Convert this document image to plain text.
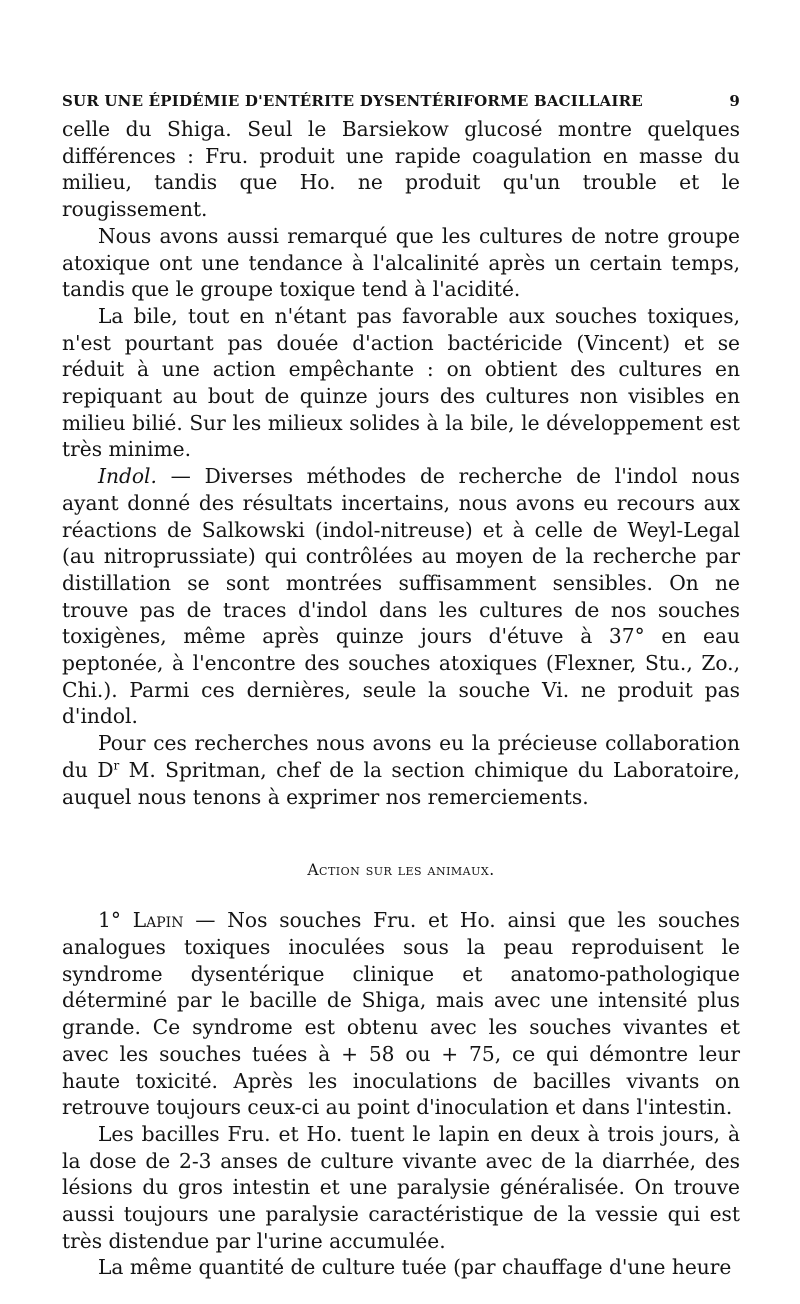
SUR UNE ÉPIDÉMIE D'ENTÉRITE DYSENTÉRIFORME BACILLAIRE	9

celle du Shiga. Seul le Barsiekow glucosé montre quelques différences : Fru. produit une rapide coagulation en masse du milieu, tandis que Ho. ne produit qu'un trouble et le rougissement.

Nous avons aussi remarqué que les cultures de notre groupe atoxique ont une tendance à l'alcalinité après un certain temps, tandis que le groupe toxique tend à l'acidité.

La bile, tout en n'étant pas favorable aux souches toxiques, n'est pourtant pas douée d'action bactéricide (Vincent) et se réduit à une action empêchante : on obtient des cultures en repiquant au bout de quinze jours des cultures non visibles en milieu bilié. Sur les milieux solides à la bile, le développement est très minime.

Indol. — Diverses méthodes de recherche de l'indol nous ayant donné des résultats incertains, nous avons eu recours aux réactions de Salkowski (indol-nitreuse) et à celle de Weyl-Legal (au nitroprussiate) qui contrôlées au moyen de la recherche par distillation se sont montrées suffisamment sensibles. On ne trouve pas de traces d'indol dans les cultures de nos souches toxigènes, même après quinze jours d'étuve à 37° en eau peptonée, à l'encontre des souches atoxiques (Flexner, Stu., Zo., Chi.). Parmi ces dernières, seule la souche Vi. ne produit pas d'indol.

Pour ces recherches nous avons eu la précieuse collaboration du $D^r$ M. Spritman, chef de la section chimique du Laboratoire, auquel nous tenons à exprimer nos remerciements.

Action sur les animaux.

1° Lapin — Nos souches Fru. et Ho. ainsi que les souches analogues toxiques inoculées sous la peau reproduisent le syndrome dysentérique clinique et anatomo-pathologique déterminé par le bacille de Shiga, mais avec une intensité plus grande. Ce syndrome est obtenu avec les souches vivantes et avec les souches tuées à + 58 ou + 75, ce qui démontre leur haute toxicité. Après les inoculations de bacilles vivants on retrouve toujours ceux-ci au point d'inoculation et dans l'intestin.

Les bacilles Fru. et Ho. tuent le lapin en deux à trois jours, à la dose de 2-3 anses de culture vivante avec de la diarrhée, des lésions du gros intestin et une paralysie généralisée. On trouve aussi toujours une paralysie caractéristique de la vessie qui est très distendue par l'urine accumulée.

La même quantité de culture tuée (par chauffage d'une heure
